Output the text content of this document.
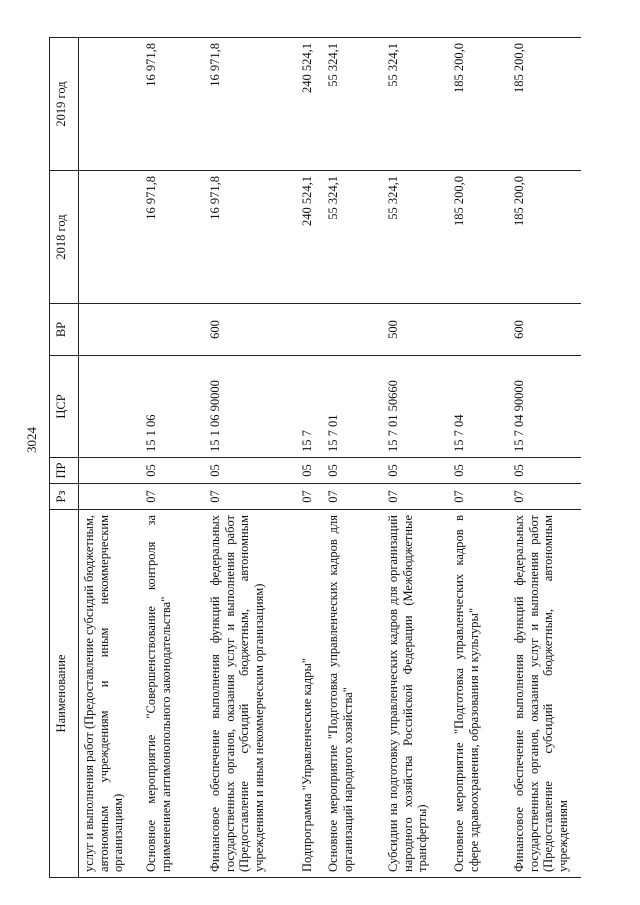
3024
Наименование	Рз	ПР	ЦСР	ВР	2018 год	2019 год
услуг и выполнения работ (Предоставление субсидий бюджетным, автономным учреждениям и иным некоммерческим организациям)						
Основное мероприятие "Совершенствование контроля за применением антимонопольного законодательства"	07	05	15 1 06		16 971,8	16 971,8
Финансовое обеспечение выполнения функций федеральных государственных органов, оказания услуг и выполнения работ (Предоставление субсидий бюджетным, автономным учреждениям и иным некоммерческим организациям)	07	05	15 1 06 90000	600	16 971,8	16 971,8
Подпрограмма "Управленческие кадры"	07	05	15 7		240 524,1	240 524,1
Основное мероприятие "Подготовка управленческих кадров для организаций народного хозяйства"	07	05	15 7 01		55 324,1	55 324,1
Субсидии на подготовку управленческих кадров для организаций народного хозяйства Российской Федерации (Межбюджетные трансферты)	07	05	15 7 01 50660	500	55 324,1	55 324,1
Основное мероприятие "Подготовка управленческих кадров в сфере здравоохранения, образования и культуры"	07	05	15 7 04		185 200,0	185 200,0
Финансовое обеспечение выполнения функций федеральных государственных органов, оказания услуг и выполнения работ (Предоставление субсидий бюджетным, автономным учреждениям	07	05	15 7 04 90000	600	185 200,0	185 200,0
